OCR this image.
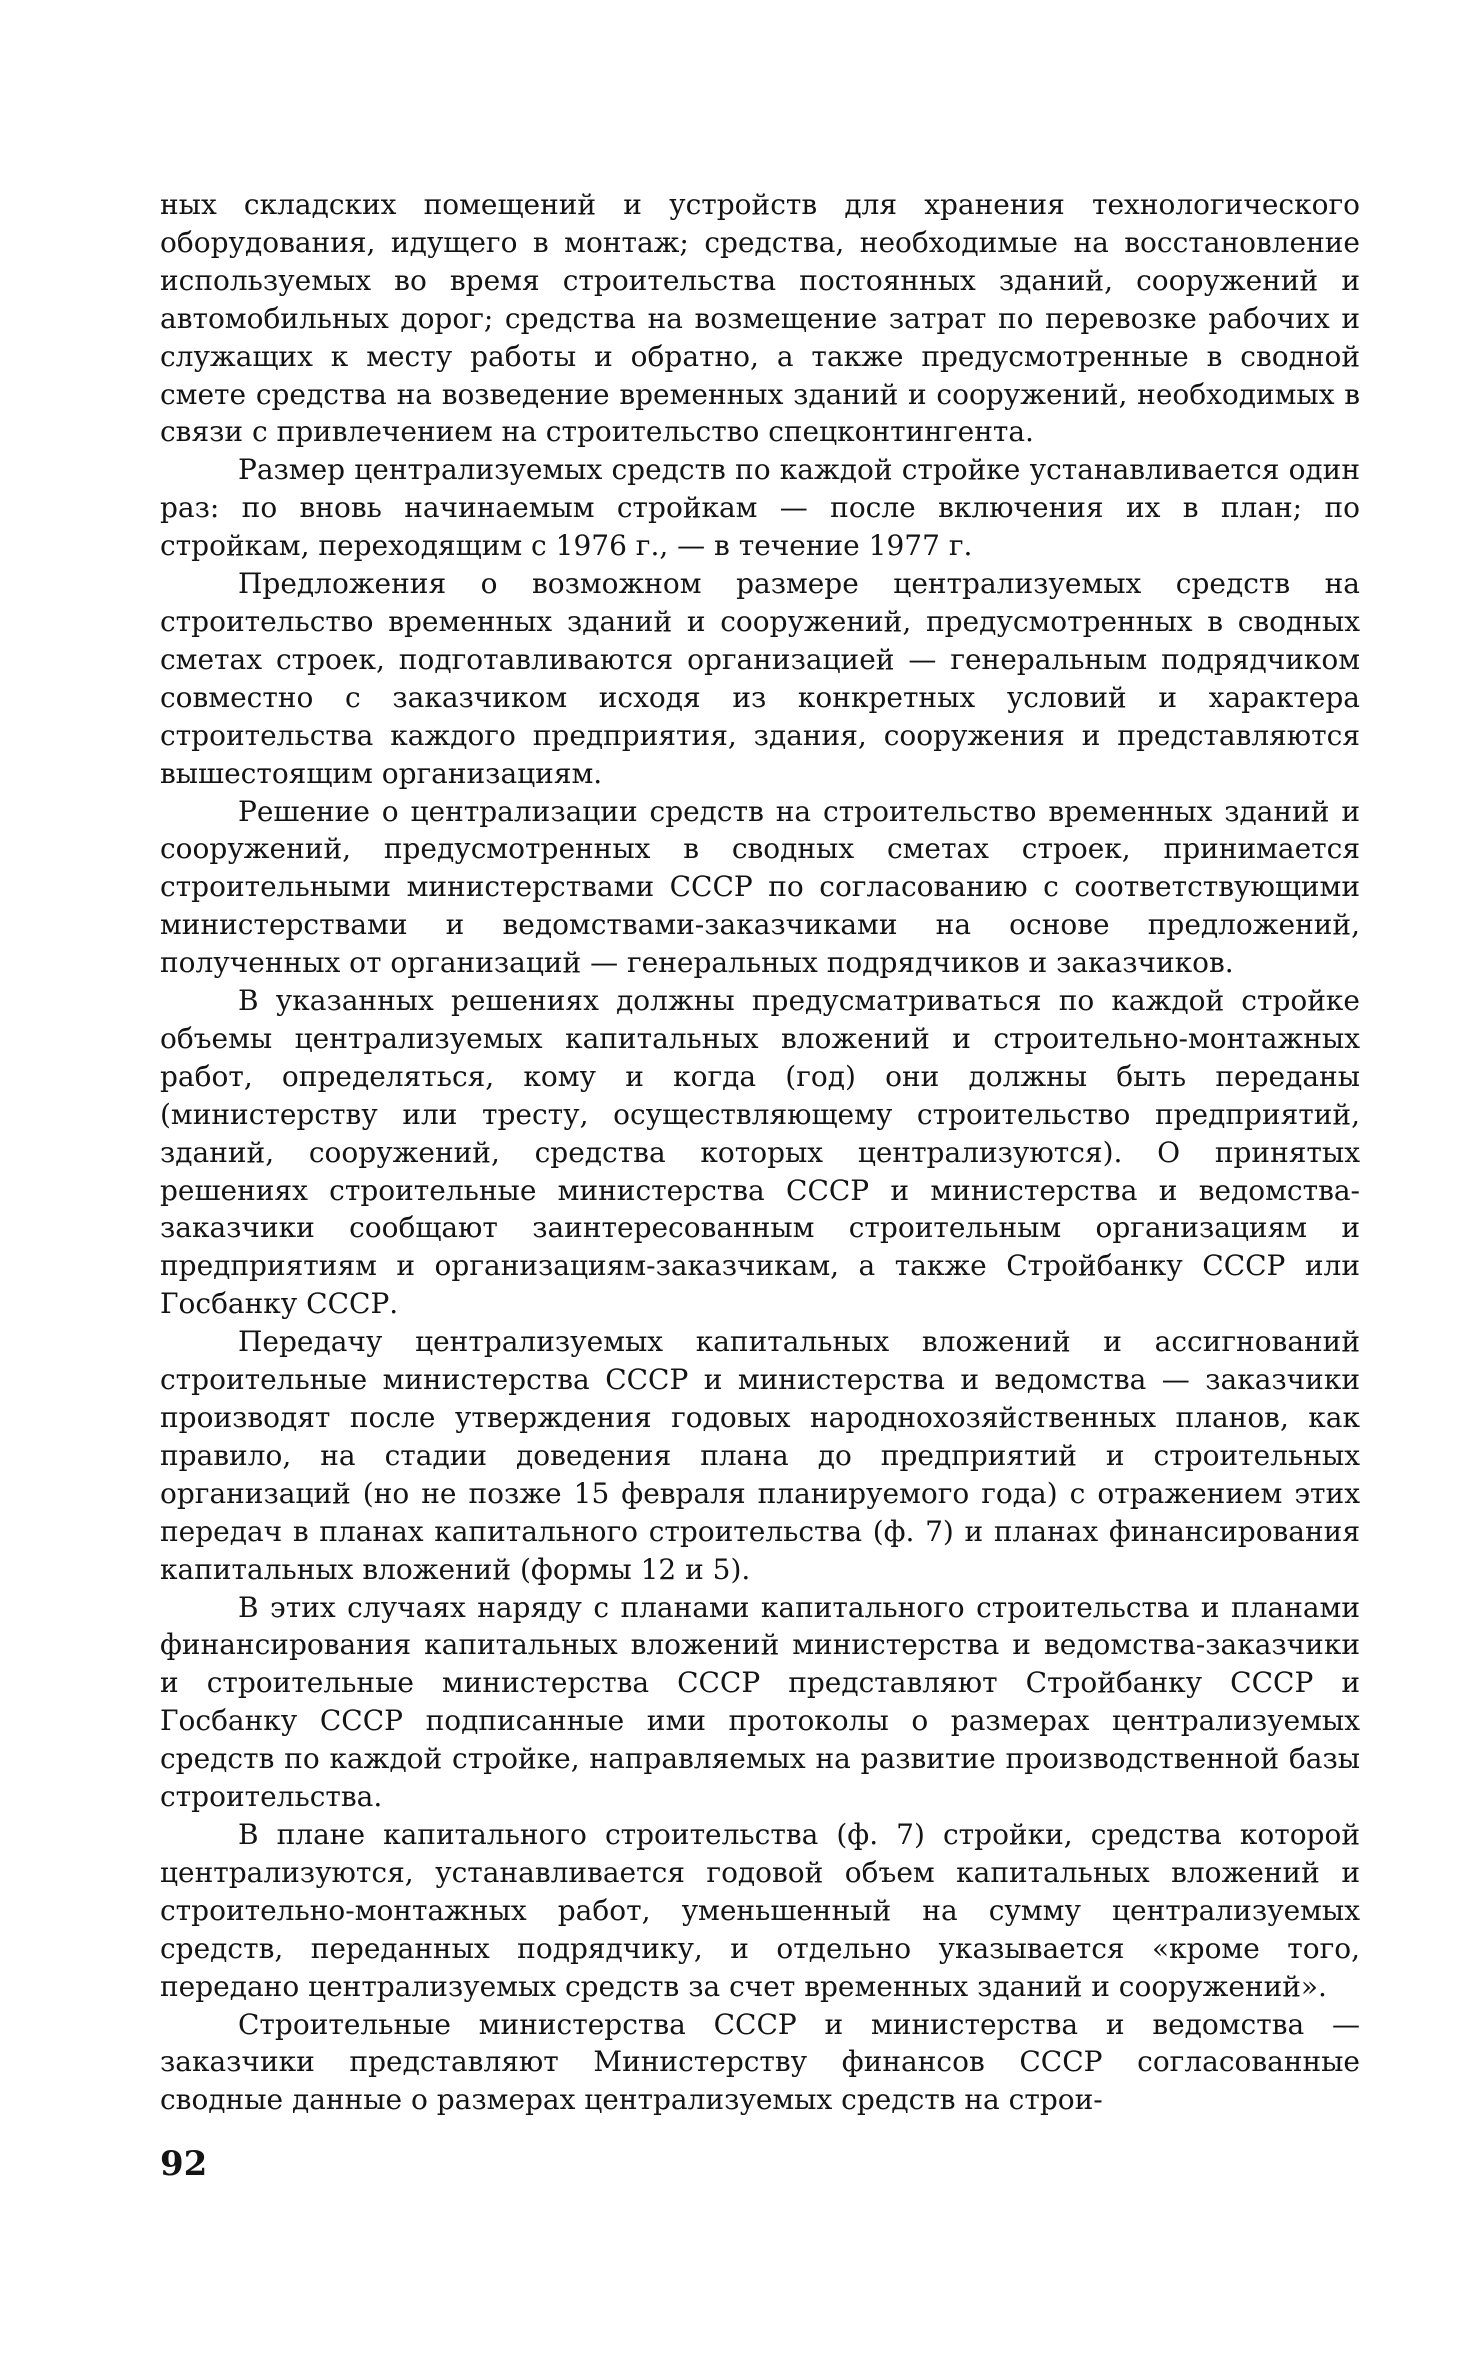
ных складских помещений и устройств для хранения технологического оборудования, идущего в монтаж; средства, необходимые на восстановление используемых во время строительства постоянных зданий, сооружений и автомобильных дорог; средства на возмещение затрат по перевозке рабочих и служащих к месту работы и обратно, а также предусмотренные в сводной смете средства на возведение временных зданий и сооружений, необходимых в связи с привлечением на строительство спецконтингента.

Размер централизуемых средств по каждой стройке устанавливается один раз: по вновь начинаемым стройкам — после включения их в план; по стройкам, переходящим с 1976 г., — в течение 1977 г.

Предложения о возможном размере централизуемых средств на строительство временных зданий и сооружений, предусмотренных в сводных сметах строек, подготавливаются организацией — генеральным подрядчиком совместно с заказчиком исходя из конкретных условий и характера строительства каждого предприятия, здания, сооружения и представляются вышестоящим организациям.

Решение о централизации средств на строительство временных зданий и сооружений, предусмотренных в сводных сметах строек, принимается строительными министерствами СССР по согласованию с соответствующими министерствами и ведомствами-заказчиками на основе предложений, полученных от организаций — генеральных подрядчиков и заказчиков.

В указанных решениях должны предусматриваться по каждой стройке объемы централизуемых капитальных вложений и строительно-монтажных работ, определяться, кому и когда (год) они должны быть переданы (министерству или тресту, осуществляющему строительство предприятий, зданий, сооружений, средства которых централизуются). О принятых решениях строительные министерства СССР и министерства и ведомства-заказчики сообщают заинтересованным строительным организациям и предприятиям и организациям-заказчикам, а также Стройбанку СССР или Госбанку СССР.

Передачу централизуемых капитальных вложений и ассигнований строительные министерства СССР и министерства и ведомства — заказчики производят после утверждения годовых народнохозяйственных планов, как правило, на стадии доведения плана до предприятий и строительных организаций (но не позже 15 февраля планируемого года) с отражением этих передач в планах капитального строительства (ф. 7) и планах финансирования капитальных вложений (формы 12 и 5).

В этих случаях наряду с планами капитального строительства и планами финансирования капитальных вложений министерства и ведомства-заказчики и строительные министерства СССР представляют Стройбанку СССР и Госбанку СССР подписанные ими протоколы о размерах централизуемых средств по каждой стройке, направляемых на развитие производственной базы строительства.

В плане капитального строительства (ф. 7) стройки, средства которой централизуются, устанавливается годовой объем капитальных вложений и строительно-монтажных работ, уменьшенный на сумму централизуемых средств, переданных подрядчику, и отдельно указывается «кроме того, передано централизуемых средств за счет временных зданий и сооружений».

Строительные министерства СССР и министерства и ведомства — заказчики представляют Министерству финансов СССР согласованные сводные данные о размерах централизуемых средств на строи-

92
